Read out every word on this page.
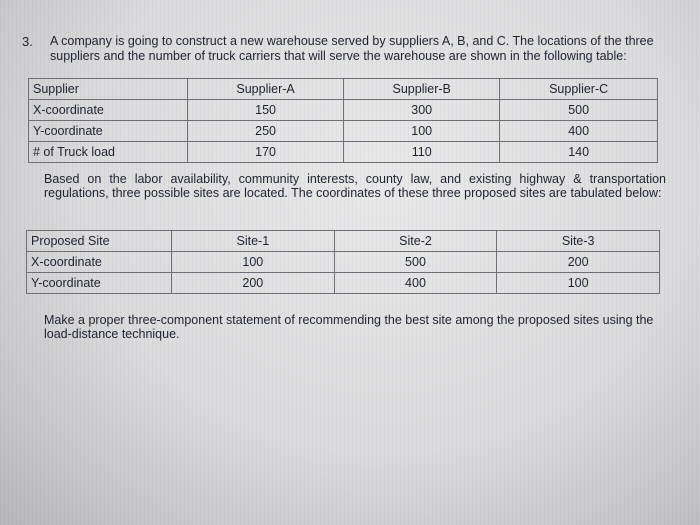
3. A company is going to construct a new warehouse served by suppliers A, B, and C. The locations of the three suppliers and the number of truck carriers that will serve the warehouse are shown in the following table:
Supplier	Supplier-A	Supplier-B	Supplier-C
X-coordinate	150	300	500
Y-coordinate	250	100	400
# of Truck load	170	110	140
Based on the labor availability, community interests, county law, and existing highway & transportation regulations, three possible sites are located. The coordinates of these three proposed sites are tabulated below:
Proposed Site	Site-1	Site-2	Site-3
X-coordinate	100	500	200
Y-coordinate	200	400	100
Make a proper three-component statement of recommending the best site among the proposed sites using the load-distance technique.
